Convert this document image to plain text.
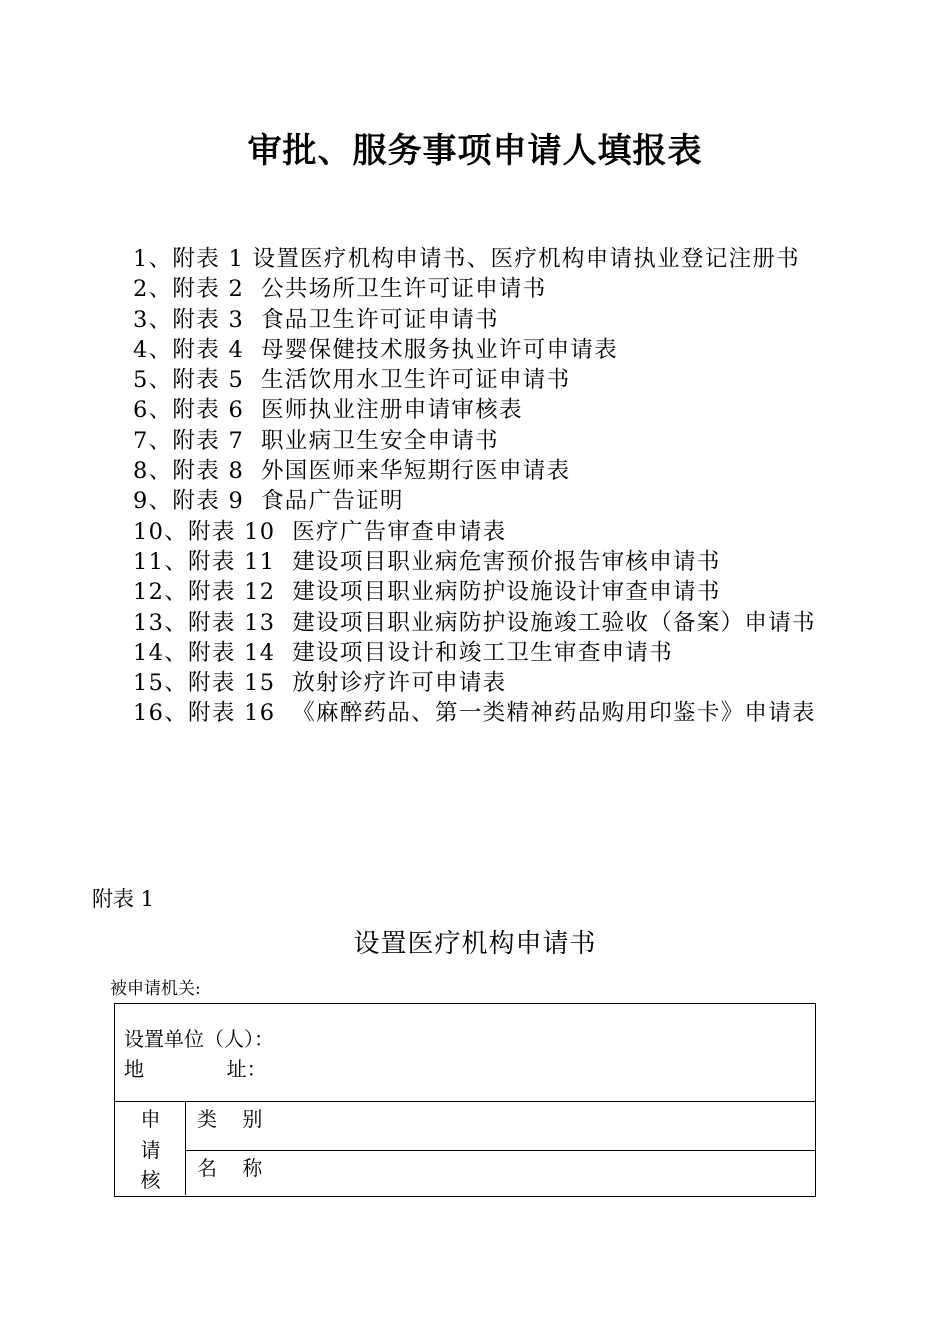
审批、服务事项申请人填报表
1、附表 1 设置医疗机构申请书、医疗机构申请执业登记注册书
2、附表 2  公共场所卫生许可证申请书
3、附表 3  食品卫生许可证申请书
4、附表 4  母婴保健技术服务执业许可申请表
5、附表 5  生活饮用水卫生许可证申请书
6、附表 6  医师执业注册申请审核表
7、附表 7  职业病卫生安全申请书
8、附表 8  外国医师来华短期行医申请表
9、附表 9  食品广告证明
10、附表 10  医疗广告审查申请表
11、附表 11  建设项目职业病危害预价报告审核申请书
12、附表 12  建设项目职业病防护设施设计审查申请书
13、附表 13  建设项目职业病防护设施竣工验收（备案）申请书
14、附表 14  建设项目设计和竣工卫生审查申请书
15、附表 15  放射诊疗许可申请表
16、附表 16  《麻醉药品、第一类精神药品购用印鉴卡》申请表
附表 1
设置医疗机构申请书
被申请机关:
设置单位（人）：
地             址：
申
请
核
类    别
名    称
